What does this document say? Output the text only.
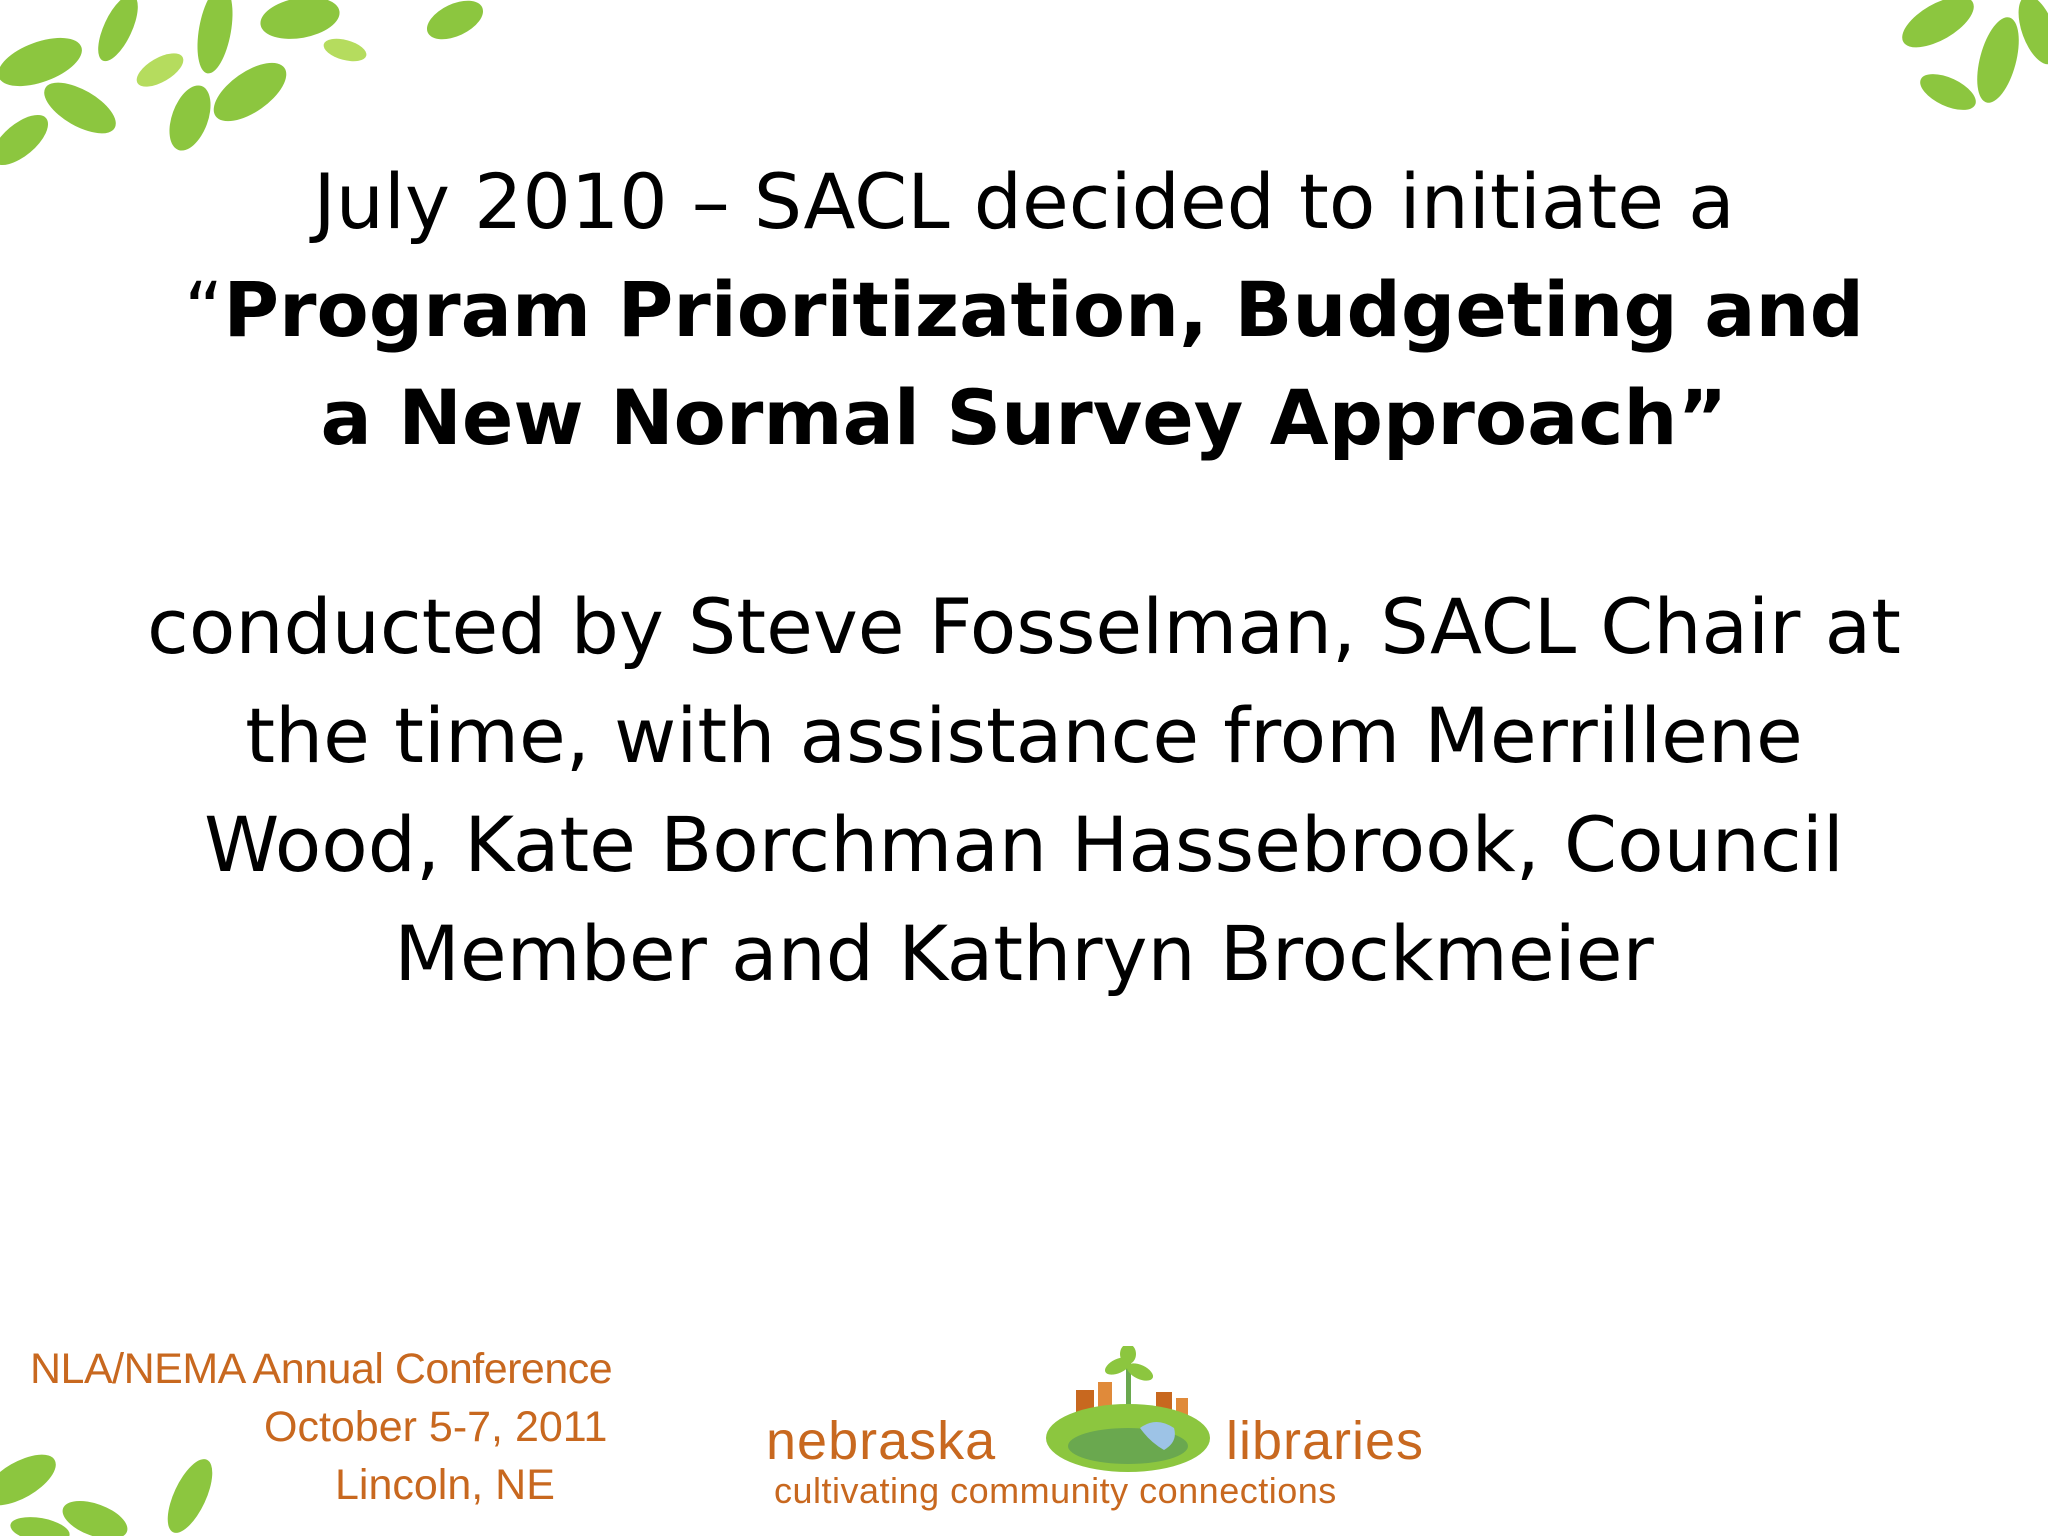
July 2010 – SACL decided to initiate a
“Program Prioritization, Budgeting and a New Normal Survey Approach”
conducted by Steve Fosselman, SACL Chair at the time, with assistance from Merrillene Wood, Kate Borchman Hassebrook, Council Member and Kathryn Brockmeier
NLA/NEMA Annual Conference
October 5-7, 2011
Lincoln, NE
nebraska	libraries
cultivating community connections
